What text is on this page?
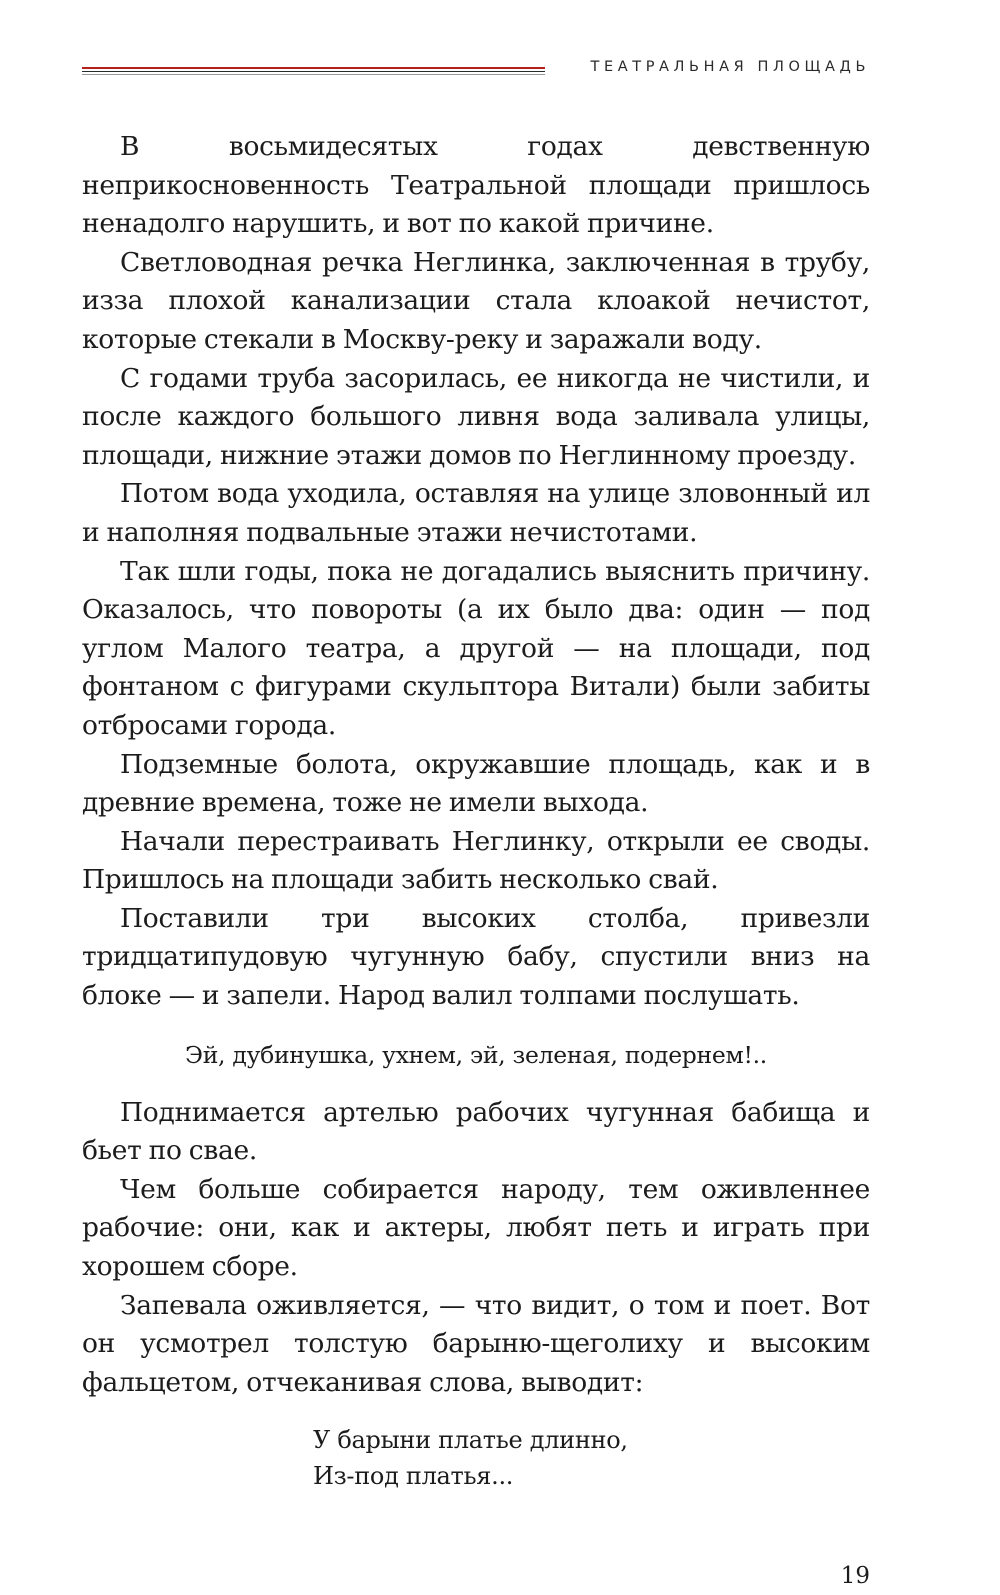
ТЕАТРАЛЬНАЯ ПЛОЩАДЬ

В восьмидесятых годах девственную неприкосновенность Театральной площади пришлось ненадолго нарушить, и вот по какой причине.

Светловодная речка Неглинка, заключенная в трубу, изза плохой канализации стала клоакой нечистот, которые стекали в Москву-реку и заражали воду.

С годами труба засорилась, ее никогда не чистили, и после каждого большого ливня вода заливала улицы, площади, нижние этажи домов по Неглинному проезду.

Потом вода уходила, оставляя на улице зловонный ил и наполняя подвальные этажи нечистотами.

Так шли годы, пока не догадались выяснить причину. Оказалось, что повороты (а их было два: один — под углом Малого театра, а другой — на площади, под фонтаном с фигурами скульптора Витали) были забиты отбросами города.

Подземные болота, окружавшие площадь, как и в древние времена, тоже не имели выхода.

Начали перестраивать Неглинку, открыли ее своды. Пришлось на площади забить несколько свай.

Поставили три высоких столба, привезли тридцатипудовую чугунную бабу, спустили вниз на блоке — и запели. Народ валил толпами послушать.

Эй, дубинушка, ухнем, эй, зеленая, подернем!..

Поднимается артелью рабочих чугунная бабища и бьет по свае.

Чем больше собирается народу, тем оживленнее рабочие: они, как и актеры, любят петь и играть при хорошем сборе.

Запевала оживляется, — что видит, о том и поет. Вот он усмотрел толстую барыню-щеголиху и высоким фальцетом, отчеканивая слова, выводит:

У барыни платье длинно,
Из-под платья...
19
